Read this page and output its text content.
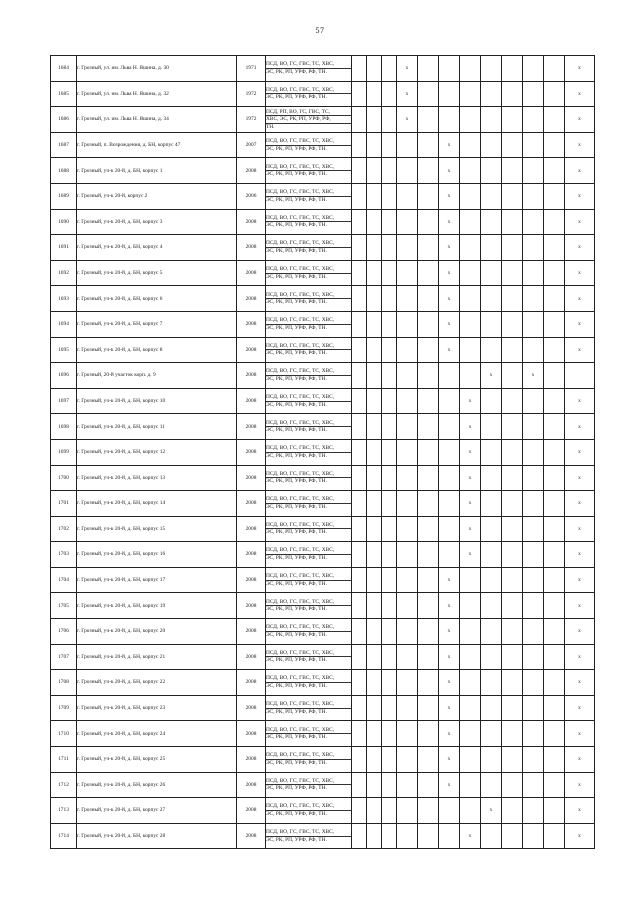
57
1684	г. Грозный, ул. им. Льва Н. Яшина, д. 30	1971	ПСД, ВО, ГС, ГВС, ТС, ХВС,
ЭС, РК, РП, УРФ, РФ, ТН.				х								х
1685	г. Грозный, ул. им. Льва Н. Яшина, д. 32	1972	ПСД, ВО, ГС, ГВС, ТС, ХВС,
ЭС, РК, РП, УРФ, РФ, ТН.				х								х
1686	г. Грозный, ул. им. Льва Н. Яшина, д. 34	1972	ПСД, РП, ВО, ГС, ГВС, ТС,
ХВС, ЭС, РК, РП, УРФ, РФ,
ТН.				х								х
1687	г. Грозный, п. Возрождения, д. БН, корпус 47	2007	ПСД, ВО, ГС, ГВС, ТС, ХВС,
ЭС, РК, РП, УРФ, РФ, ТН.						х						х
1688	г. Грозный, уч-к 20-й, д. БН, корпус 1	2008	ПСД, ВО, ГС, ГВС, ТС, ХВС,
ЭС, РК, РП, УРФ, РФ, ТН.						х						х
1689	г. Грозный, уч-к 20-й, корпус 2	2006	ПСД, ВО, ГС, ГВС, ТС, ХВС,
ЭС, РК, РП, УРФ, РФ, ТН.						х						х
1690	г. Грозный, уч-к 20-й, д. БН, корпус 3	2008	ПСД, ВО, ГС, ГВС, ТС, ХВС,
ЭС, РК, РП, УРФ, РФ, ТН.						х						х
1691	г. Грозный, уч-к 20-й, д. БН, корпус 4	2008	ПСД, ВО, ГС, ГВС, ТС, ХВС,
ЭС, РК, РП, УРФ, РФ, ТН.						х						х
1692	г. Грозный, уч-к 20-й, д. БН, корпус 5	2008	ПСД, ВО, ГС, ГВС, ТС, ХВС,
ЭС, РК, РП, УРФ, РФ, ТН.						х						х
1693	г. Грозный, уч-к 20-й, д. БН, корпус 6	2008	ПСД, ВО, ГС, ГВС, ТС, ХВС,
ЭС, РК, РП, УРФ, РФ, ТН.						х						х
1694	г. Грозный, уч-к 20-й, д. БН, корпус 7	2008	ПСД, ВО, ГС, ГВС, ТС, ХВС,
ЭС, РК, РП, УРФ, РФ, ТН.						х						х
1695	г. Грозный, уч-к 20-й, д. БН, корпус 8	2008	ПСД, ВО, ГС, ГВС, ТС, ХВС,
ЭС, РК, РП, УРФ, РФ, ТН.						х						х
1696	г. Грозный, 20-й участок корп. д. 9	2008	ПСД, ВО, ГС, ГВС, ТС, ХВС,
ЭС, РК, РП, УРФ, РФ, ТН.								х		х		
1697	г. Грозный, уч-к 20-й, д. БН, корпус 10	2008	ПСД, ВО, ГС, ГВС, ТС, ХВС,
ЭС, РК, РП, УРФ, РФ, ТН.							х					х
1698	г. Грозный, уч-к 20-й, д. БН, корпус 11	2008	ПСД, ВО, ГС, ГВС, ТС, ХВС,
ЭС, РК, РП, УРФ, РФ, ТН.							х					х
1699	г. Грозный, уч-к 20-й, д. БН, корпус 12	2008	ПСД, ВО, ГС, ГВС, ТС, ХВС,
ЭС, РК, РП, УРФ, РФ, ТН.							х					х
1700	г. Грозный, уч-к 20-й, д. БН, корпус 13	2008	ПСД, ВО, ГС, ГВС, ТС, ХВС,
ЭС, РК, РП, УРФ, РФ, ТН.							х					х
1701	г. Грозный, уч-к 20-й, д. БН, корпус 14	2008	ПСД, ВО, ГС, ГВС, ТС, ХВС,
ЭС, РК, РП, УРФ, РФ, ТН.							х					х
1702	г. Грозный, уч-к 20-й, д. БН, корпус 15	2008	ПСД, ВО, ГС, ГВС, ТС, ХВС,
ЭС, РК, РП, УРФ, РФ, ТН.							х					х
1703	г. Грозный, уч-к 20-й, д. БН, корпус 16	2008	ПСД, ВО, ГС, ГВС, ТС, ХВС,
ЭС, РК, РП, УРФ, РФ, ТН.							х					х
1704	г. Грозный, уч-к 20-й, д. БН, корпус 17	2008	ПСД, ВО, ГС, ГВС, ТС, ХВС,
ЭС, РК, РП, УРФ, РФ, ТН.						х						х
1705	г. Грозный, уч-к 20-й, д. БН, корпус 19	2008	ПСД, ВО, ГС, ГВС, ТС, ХВС,
ЭС, РК, РП, УРФ, РФ, ТН.						х						х
1706	г. Грозный, уч-к 20-й, д. БН, корпус 20	2008	ПСД, ВО, ГС, ГВС, ТС, ХВС,
ЭС, РК, РП, УРФ, РФ, ТН.						х						х
1707	г. Грозный, уч-к 20-й, д. БН, корпус 21	2008	ПСД, ВО, ГС, ГВС, ТС, ХВС,
ЭС, РК, РП, УРФ, РФ, ТН.						х						х
1708	г. Грозный, уч-к 20-й, д. БН, корпус 22	2008	ПСД, ВО, ГС, ГВС, ТС, ХВС,
ЭС, РК, РП, УРФ, РФ, ТН.						х						х
1709	г. Грозный, уч-к 20-й, д. БН, корпус 23	2008	ПСД, ВО, ГС, ГВС, ТС, ХВС,
ЭС, РК, РП, УРФ, РФ, ТН.						х						х
1710	г. Грозный, уч-к 20-й, д. БН, корпус 24	2008	ПСД, ВО, ГС, ГВС, ТС, ХВС,
ЭС, РК, РП, УРФ, РФ, ТН.						х						х
1711	г. Грозный, уч-к 20-й, д. БН, корпус 25	2008	ПСД, ВО, ГС, ГВС, ТС, ХВС,
ЭС, РК, РП, УРФ, РФ, ТН.						х						х
1712	г. Грозный, уч-к 20-й, д. БН, корпус 26	2008	ПСД, ВО, ГС, ГВС, ТС, ХВС,
ЭС, РК, РП, УРФ, РФ, ТН.						х						х
1713	г. Грозный, уч-к 20-й, д. БН, корпус 27	2008	ПСД, ВО, ГС, ГВС, ТС, ХВС,
ЭС, РК, РП, УРФ, РФ, ТН.								х				х
1714	г. Грозный, уч-к 20-й, д. БН, корпус 28	2008	ПСД, ВО, ГС, ГВС, ТС, ХВС,
ЭС, РК, РП, УРФ, РФ, ТН.							х					х
